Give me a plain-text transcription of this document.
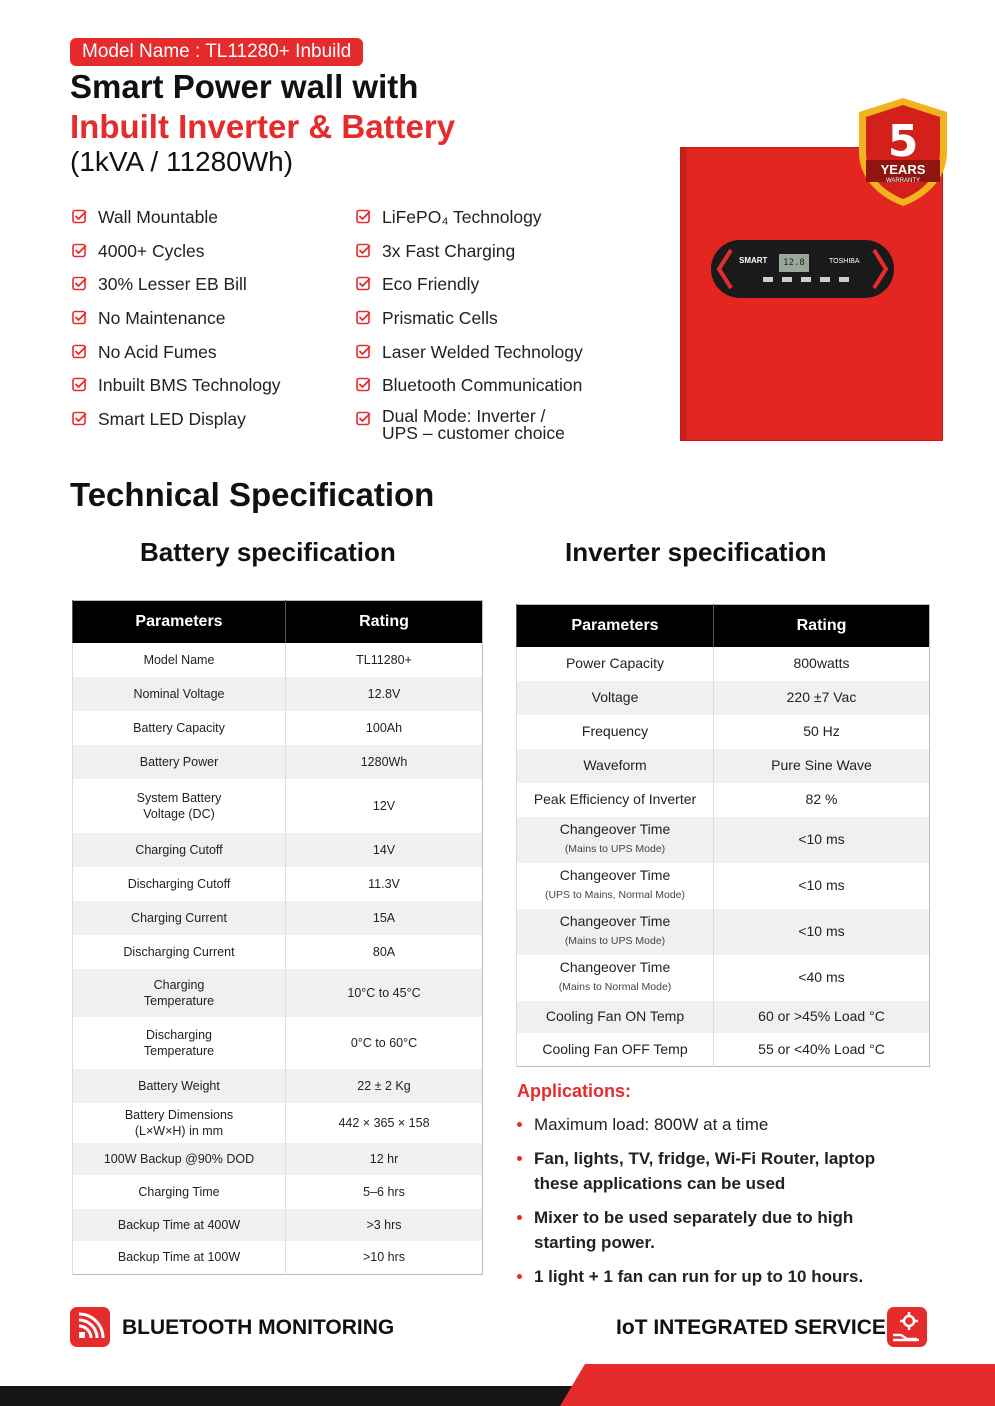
Model Name : TL11280+ Inbuild
Smart Power wall with
Inbuilt Inverter & Battery
(1kVA / 11280Wh)
Wall Mountable
4000+ Cycles
30% Lesser EB Bill
No Maintenance
No Acid Fumes
Inbuilt BMS Technology
Smart LED Display
LiFePO₄ Technology
3x Fast Charging
Eco Friendly
Prismatic Cells
Laser Welded Technology
Bluetooth Communication
Dual Mode: Inverter /
UPS – customer choice
SMART	12.8	TOSHIBA
5
YEARS
WARRANTY
Technical Specification
Battery specification	Inverter specification
Parameters	Rating
Model Name	TL11280+
Nominal Voltage	12.8V
Battery Capacity	100Ah
Battery Power	1280Wh
System Battery
Voltage (DC)	12V
Charging Cutoff	14V
Discharging Cutoff	11.3V
Charging Current	15A
Discharging Current	80A
Charging
Temperature	10°C to 45°C
Discharging
Temperature	0°C to 60°C
Battery Weight	22 ± 2 Kg
Battery Dimensions
(L×W×H) in mm	442 × 365 × 158
100W Backup @90% DOD	12 hr
Charging Time	5–6 hrs
Backup Time at 400W	>3 hrs
Backup Time at 100W	>10 hrs
Parameters	Rating
Power Capacity	800watts
Voltage	220 ±7 Vac
Frequency	50 Hz
Waveform	Pure Sine Wave
Peak Efficiency of Inverter	82 %
Changeover Time
(Mains to UPS Mode)	<10 ms
Changeover Time
(UPS to Mains, Normal Mode)	<10 ms
Changeover Time
(Mains to UPS Mode)	<10 ms
Changeover Time
(Mains to Normal Mode)	<40 ms
Cooling Fan ON Temp	60 or >45% Load °C
Cooling Fan OFF Temp	55 or <40% Load °C
Applications:
Maximum load: 800W at a time
Fan, lights, TV, fridge, Wi-Fi Router, laptop these applications can be used
Mixer to be used separately due to high starting power.
1 light + 1 fan can run for up to 10 hours.
BLUETOOTH MONITORING	IoT INTEGRATED SERVICE
